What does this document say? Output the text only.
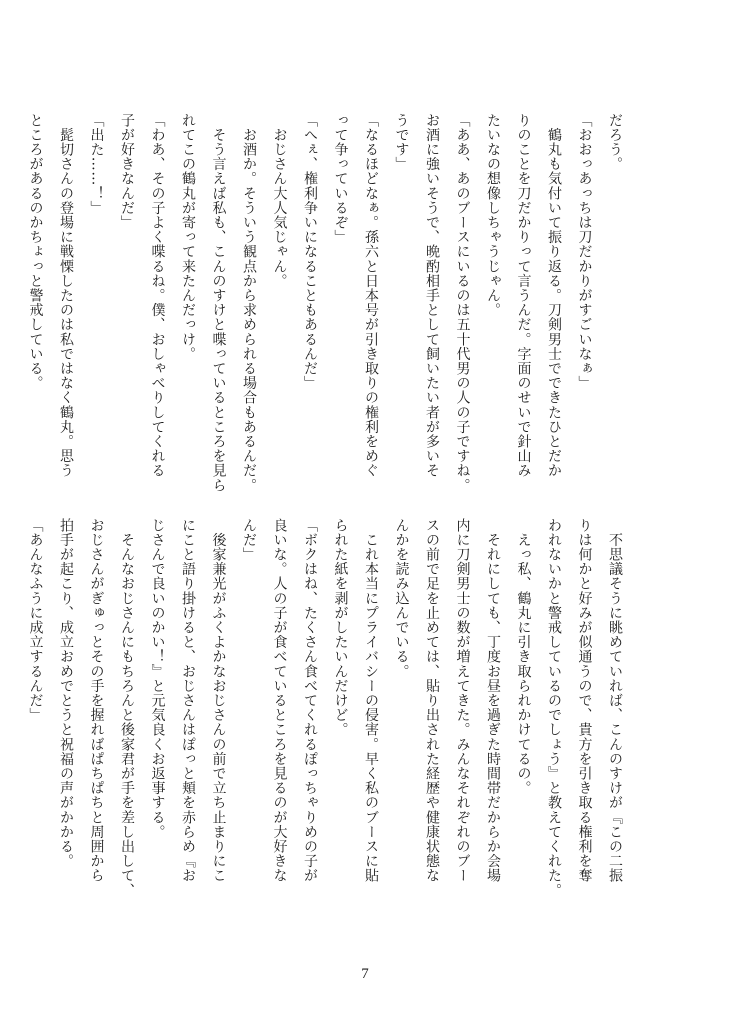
だろう。

「おおっあっちは刀だかりがすごいなぁ」

　鶴丸も気付いて振り返る。刀剣男士でできたひとだか

りのことを刀だかりって言うんだ。字面のせいで針山み

たいなの想像しちゃうじゃん。

「ああ、あのブースにいるのは五十代男の人の子ですね。

お酒に強いそうで、晩酌相手として飼いたい者が多いそ

うです」

「なるほどなぁ。孫六と日本号が引き取りの権利をめぐ

って争っているぞ」

「へぇ、権利争いになることもあるんだ」

　おじさん大人気じゃん。

　お酒か。そういう観点から求められる場合もあるんだ。

　そう言えば私も、こんのすけと喋っているところを見ら

れてこの鶴丸が寄って来たんだっけ。

「わあ、その子よく喋るね。僕、おしゃべりしてくれる

子が好きなんだ」

「出た……！」

　髭切さんの登場に戦慄したのは私ではなく鶴丸。思う

ところがあるのかちょっと警戒している。

　不思議そうに眺めていれば、こんのすけが『この二振

りは何かと好みが似通うので、貴方を引き取る権利を奪

われないかと警戒しているのでしょう』と教えてくれた。

　えっ私、鶴丸に引き取られかけてるの。

　それにしても、丁度お昼を過ぎた時間帯だからか会場

内に刀剣男士の数が増えてきた。みんなそれぞれのブー

スの前で足を止めては、貼り出された経歴や健康状態な

んかを読み込んでいる。

　これ本当にプライバシーの侵害。早く私のブースに貼

られた紙を剥がしたいんだけど。

「ボクはね、たくさん食べてくれるぽっちゃりめの子が

良いな。人の子が食べているところを見るのが大好きな

んだ」

　後家兼光がふくよかなおじさんの前で立ち止まりにこ

にこと語り掛けると、おじさんはぽっと頬を赤らめ『お

じさんで良いのかい！』と元気良くお返事する。

　そんなおじさんにもちろんと後家君が手を差し出して、

おじさんがぎゅっとその手を握ればぱちぱちと周囲から

拍手が起こり、成立おめでとうと祝福の声がかかる。

「あんなふうに成立するんだ」

7
